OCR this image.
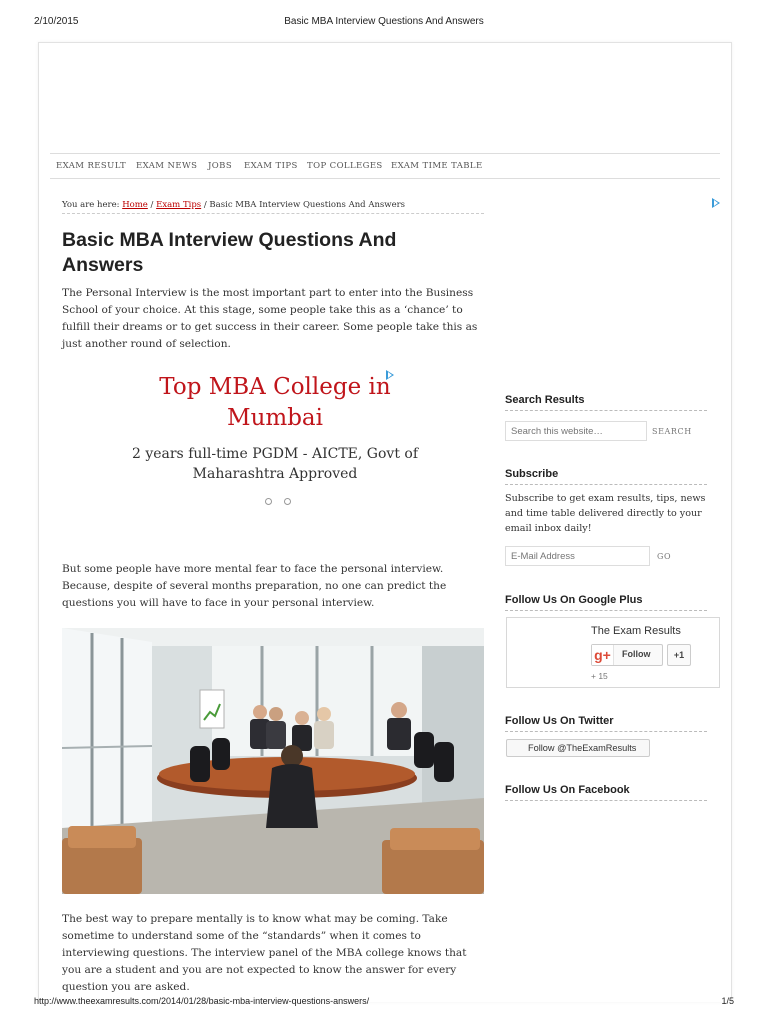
2/10/2015	Basic MBA Interview Questions And Answers
EXAM RESULT EXAM NEWS JOBS EXAM TIPS TOP COLLEGES EXAM TIME TABLE
You are here: Home / Exam Tips / Basic MBA Interview Questions And Answers
Basic MBA Interview Questions And Answers

The Personal Interview is the most important part to enter into the Business School of your choice. At this stage, some people take this as a ‘chance’ to fulfill their dreams or to get success in their career. Some people take this as just another round of selection.

Top MBA College in Mumbai
2 years full-time PGDM - AICTE, Govt of Maharashtra Approved

But some people have more mental fear to face the personal interview. Because, despite of several months preparation, no one can predict the questions you will have to face in your personal interview.

The best way to prepare mentally is to know what may be coming. Take sometime to understand some of the “standards” when it comes to interviewing questions. The interview panel of the MBA college knows that you are a student and you are not expected to know the answer for every question you are asked.

Search Results
Search this website…
SEARCH
Subscribe

Subscribe to get exam results, tips, news and time table delivered directly to your email inbox daily!

E-Mail Address
GO
Follow Us On Google Plus
The Exam Results
g+	Follow	+1
+ 15
Follow Us On Twitter
Follow @TheExamResults
Follow Us On Facebook
http://www.theexamresults.com/2014/01/28/basic-mba-interview-questions-answers/	1/5
